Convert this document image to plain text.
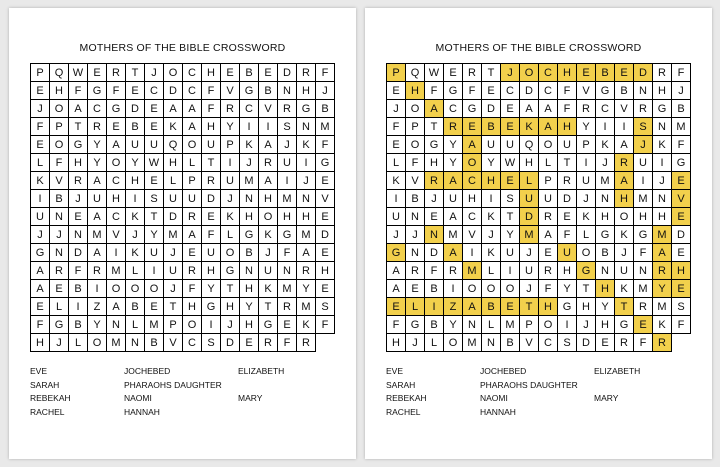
MOTHERS OF THE BIBLE CROSSWORD
P	Q W E	R	T	J	O C	H	E	B	E	D	R	F
E	H	F	G	F	E	C	D	C	F	V	G	B	N	H	J
J	O	A	C G D	E	A	A	F	R	C	V	R G	B
F	P	T	R	E	B	E	K	A	H	Y	I	I	S	N M
E	O G	Y	A	U	U Q O U	P	K	A	J	K	F
L	F	H	Y	O	Y W H	L	T	I	J	R	U	I	G
K	V	R	A	C	H	E	L	P	R	U M A	I	J	E
I	B	J	U	H	I	S	U	U	D	J	N	H M N	V
U	N	E	A	C	K	T	D	R	E	K	H O H	H	E
J	J	N M V	J	Y M A	F	L	G	K	G M D
G N	D	A	I	K	U	J	E	U O	B	J	F	A	E
A	R	F	R M	L	I	U	R	H G N	U	N	R	H
A	E	B	I	O O O	J	F	Y	T	H	K M Y	E
E	L	I	Z	A	B	E	T	H G H	Y	T	R M S
F	G	B	Y	N	L	M P	O	I	J	H G	E	K	F
H	J	L	O M N	B	V	C	S	D	E	R	F	R
EVE	JOCHEBED	ELIZABETH
SARAH	PHARAOHS DAUGHTER
REBEKAH	NAOMI	MARY
RACHEL	HANNAH
MOTHERS OF THE BIBLE CROSSWORD
P	Q W E	R	T	J	O C	H	E	B	E	D	R	F
E	H	F	G	F	E	C	D	C	F	V	G	B	N	H	J
J	O	A	C G D	E	A	A	F	R	C	V	R G	B
F	P	T	R	E	B	E	K	A	H	Y	I	I	S	N M
E	O G	Y	A	U	U Q O U	P	K	A	J	K	F
L	F	H	Y	O	Y W H	L	T	I	J	R	U	I	G
K	V	R	A	C	H	E	L	P	R	U M A	I	J	E
I	B	J	U	H	I	S	U	U	D	J	N	H M N	V
U	N	E	A	C	K	T	D	R	E	K	H O H	H	E
J	J	N M V	J	Y M A	F	L	G	K	G M D
G N	D	A	I	K	U	J	E	U O	B	J	F	A	E
A	R	F	R M	L	I	U	R	H G N	U	N	R	H
A	E	B	I	O O O	J	F	Y	T	H	K M Y	E
E	L	I	Z	A	B	E	T	H G H	Y	T	R M S
F	G	B	Y	N	L	M P	O	I	J	H G	E	K	F
H	J	L	O M N	B	V	C	S	D	E	R	F	R
EVE	JOCHEBED	ELIZABETH
SARAH	PHARAOHS DAUGHTER
REBEKAH	NAOMI	MARY
RACHEL	HANNAH
